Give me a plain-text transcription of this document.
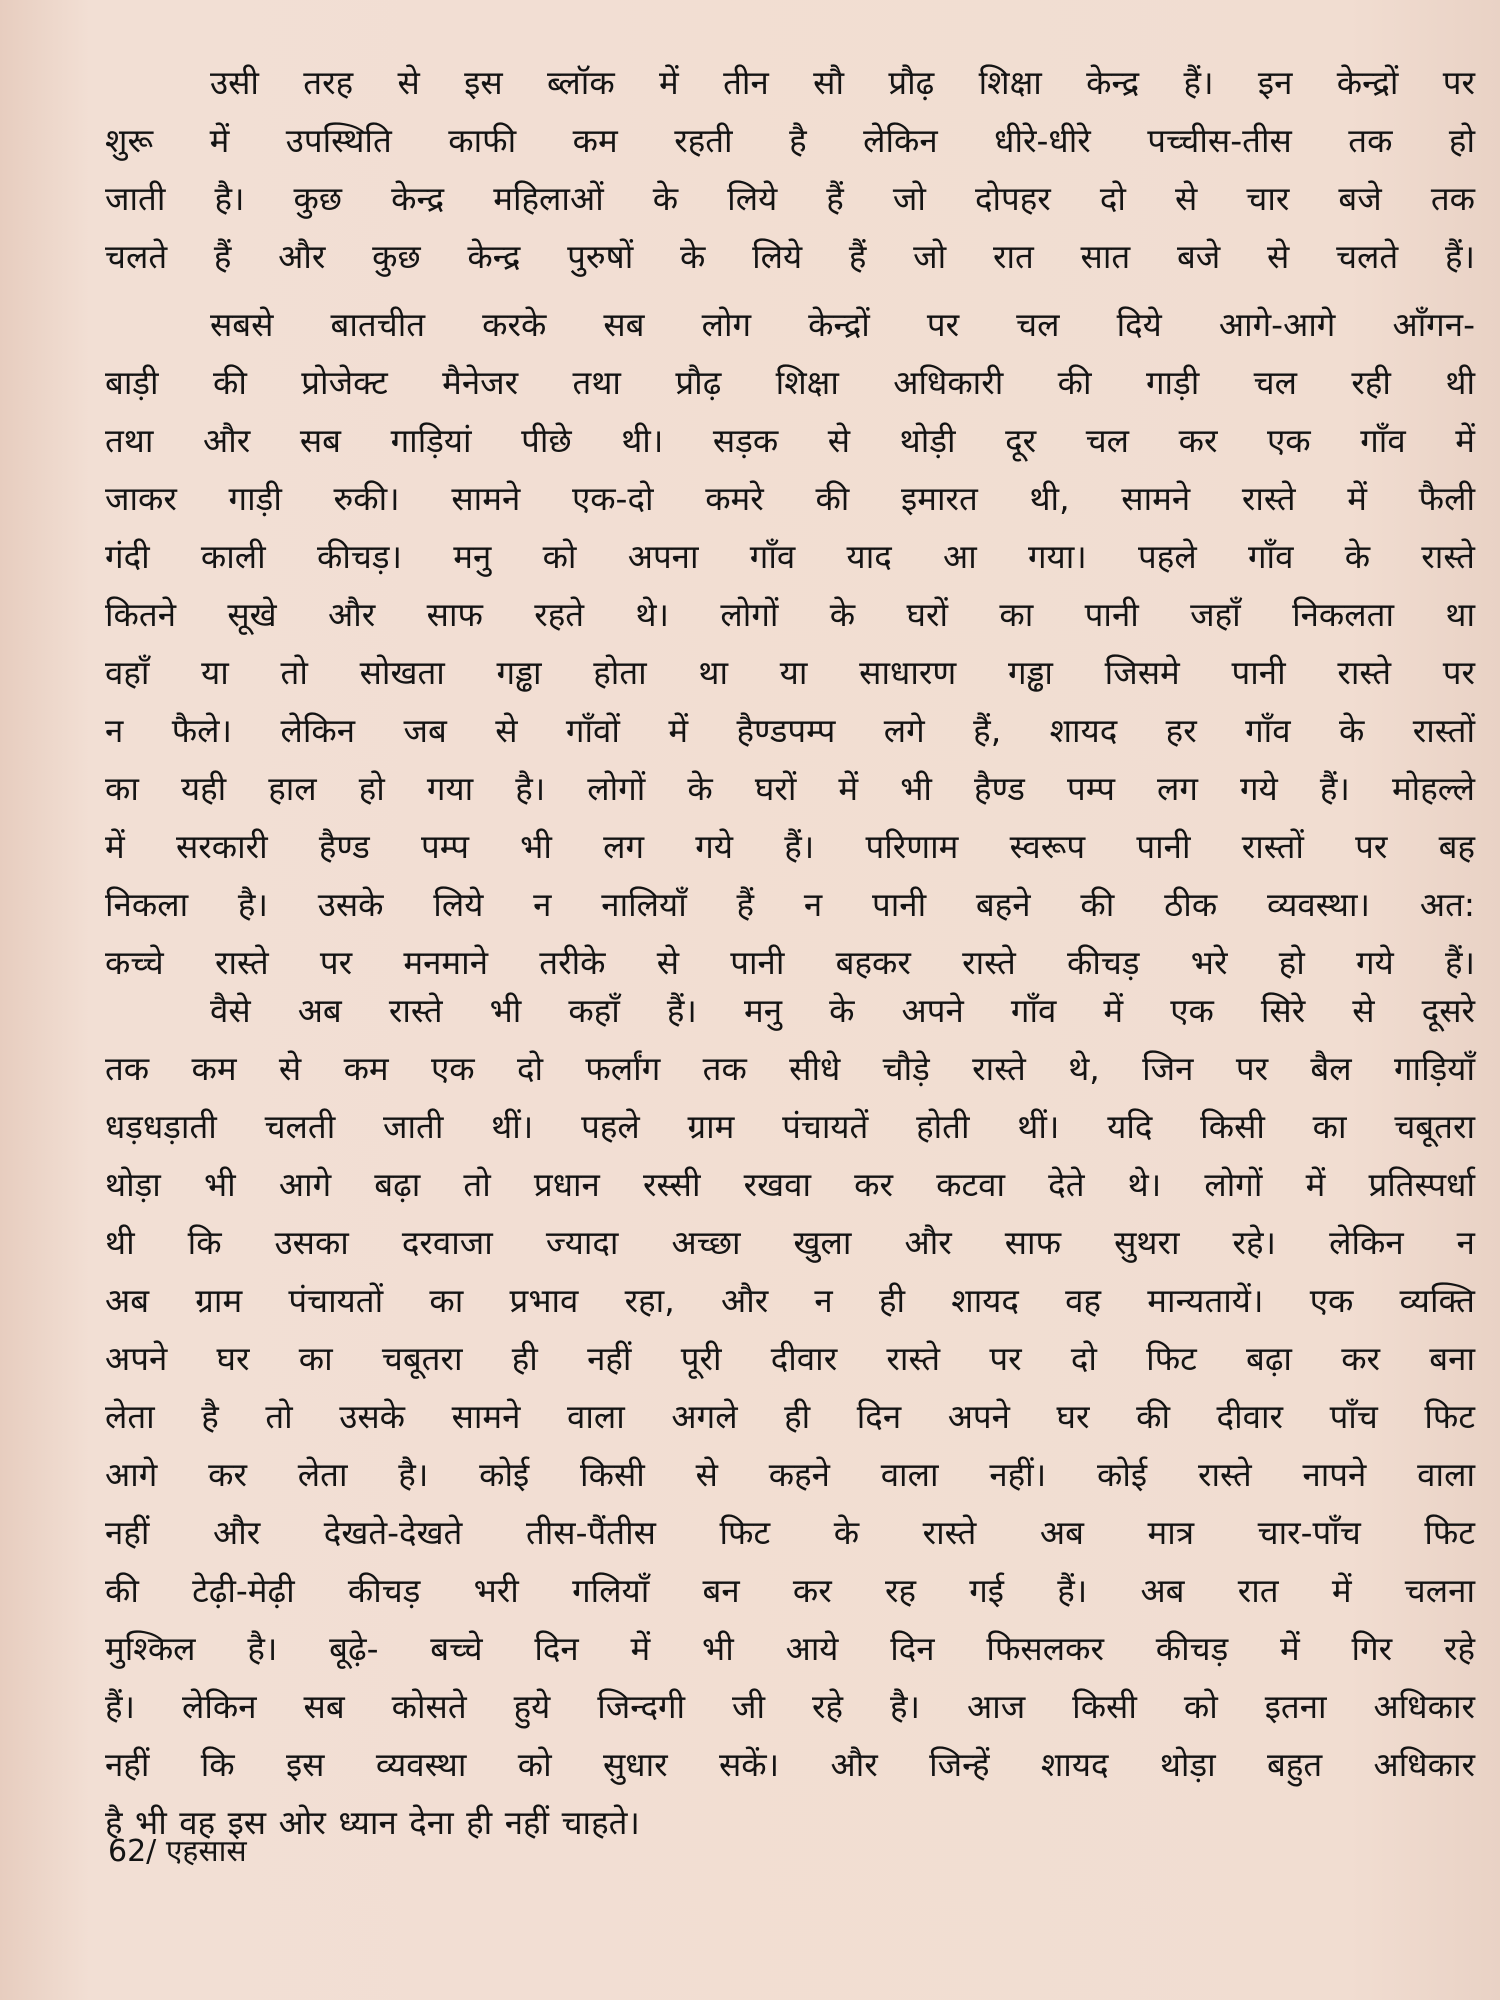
उसी तरह से इस ब्लॉक में तीन सौ प्रौढ़ शिक्षा केन्द्र हैं। इन केन्द्रों पर
शुरू में उपस्थिति काफी कम रहती है लेकिन धीरे-धीरे पच्चीस-तीस तक हो
जाती है। कुछ केन्द्र महिलाओं के लिये हैं जो दोपहर दो से चार बजे तक
चलते हैं और कुछ केन्द्र पुरुषों के लिये हैं जो रात सात बजे से चलते हैं।
सबसे बातचीत करके सब लोग केन्द्रों पर चल दिये आगे-आगे आँगन-
बाड़ी की प्रोजेक्ट मैनेजर तथा प्रौढ़ शिक्षा अधिकारी की गाड़ी चल रही थी
तथा और सब गाड़ियां पीछे थी। सड़क से थोड़ी दूर चल कर एक गाँव में
जाकर गाड़ी रुकी। सामने एक-दो कमरे की इमारत थी, सामने रास्ते में फैली
गंदी काली कीचड़। मनु को अपना गाँव याद आ गया। पहले गाँव के रास्ते
कितने सूखे और साफ रहते थे। लोगों के घरों का पानी जहाँ निकलता था
वहाँ या तो सोखता गड्ढा होता था या साधारण गड्ढा जिसमे पानी रास्ते पर
न फैले। लेकिन जब से गाँवों में हैण्डपम्प लगे हैं, शायद हर गाँव के रास्तों
का यही हाल हो गया है। लोगों के घरों में भी हैण्ड पम्प लग गये हैं। मोहल्ले
में सरकारी हैण्ड पम्प भी लग गये हैं। परिणाम स्वरूप पानी रास्तों पर बह
निकला है। उसके लिये न नालियाँ हैं न पानी बहने की ठीक व्यवस्था। अत:
कच्चे रास्ते पर मनमाने तरीके से पानी बहकर रास्ते कीचड़ भरे हो गये हैं।
वैसे अब रास्ते भी कहाँ हैं। मनु के अपने गाँव में एक सिरे से दूसरे
तक कम से कम एक दो फर्लांग तक सीधे चौड़े रास्ते थे, जिन पर बैल गाड़ियाँ
धड़धड़ाती चलती जाती थीं। पहले ग्राम पंचायतें होती थीं। यदि किसी का चबूतरा
थोड़ा भी आगे बढ़ा तो प्रधान रस्सी रखवा कर कटवा देते थे। लोगों में प्रतिस्पर्धा
थी कि उसका दरवाजा ज्यादा अच्छा खुला और साफ सुथरा रहे। लेकिन न
अब ग्राम पंचायतों का प्रभाव रहा, और न ही शायद वह मान्यतायें। एक व्यक्ति
अपने घर का चबूतरा ही नहीं पूरी दीवार रास्ते पर दो फिट बढ़ा कर बना
लेता है तो उसके सामने वाला अगले ही दिन अपने घर की दीवार पाँच फिट
आगे कर लेता है। कोई किसी से कहने वाला नहीं। कोई रास्ते नापने वाला
नहीं और देखते-देखते तीस-पैंतीस फिट के रास्ते अब मात्र चार-पाँच फिट
की टेढ़ी-मेढ़ी कीचड़ भरी गलियाँ बन कर रह गई हैं। अब रात में चलना
मुश्किल है। बूढ़े- बच्चे दिन में भी आये दिन फिसलकर कीचड़ में गिर रहे
हैं। लेकिन सब कोसते हुये जिन्दगी जी रहे है। आज किसी को इतना अधिकार
नहीं कि इस व्यवस्था को सुधार सकें। और जिन्हें शायद थोड़ा बहुत अधिकार
है भी वह इस ओर ध्यान देना ही नहीं चाहते।
62/ एहसास
